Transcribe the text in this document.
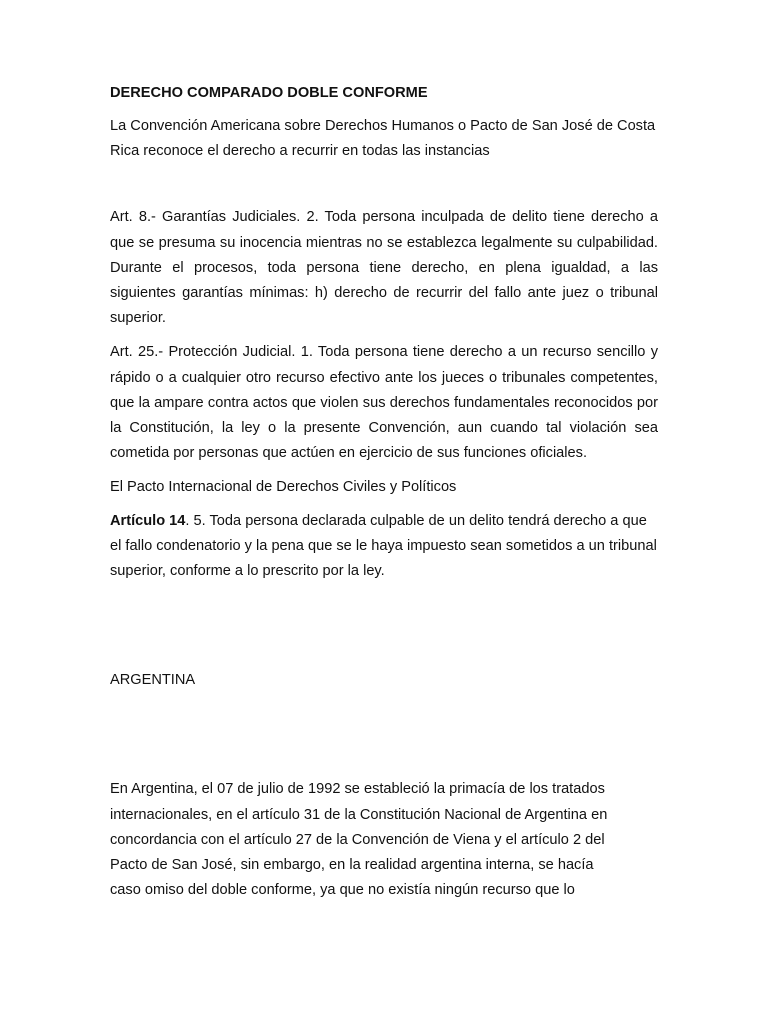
DERECHO COMPARADO DOBLE CONFORME

La Convención Americana sobre Derechos Humanos o Pacto de San José de Costa Rica reconoce el derecho a recurrir en todas las instancias

Art. 8.- Garantías Judiciales. 2. Toda persona inculpada de delito tiene derecho a que se presuma su inocencia mientras no se establezca legalmente su culpabilidad. Durante el procesos, toda persona tiene derecho, en plena igualdad, a las siguientes garantías mínimas: h) derecho de recurrir del fallo ante juez o tribunal superior.

Art. 25.- Protección Judicial. 1. Toda persona tiene derecho a un recurso sencillo y rápido o a cualquier otro recurso efectivo ante los jueces o tribunales competentes, que la ampare contra actos que violen sus derechos fundamentales reconocidos por la Constitución, la ley o la presente Convención, aun cuando tal violación sea cometida por personas que actúen en ejercicio de sus funciones oficiales.

El Pacto Internacional de Derechos Civiles y Políticos

Artículo 14. 5. Toda persona declarada culpable de un delito tendrá derecho a que el fallo condenatorio y la pena que se le haya impuesto sean sometidos a un tribunal superior, conforme a lo prescrito por la ley.

ARGENTINA

En Argentina, el 07 de julio de 1992 se estableció la primacía de los tratados
internacionales, en el artículo 31 de la Constitución Nacional de Argentina en
concordancia con el artículo 27 de la Convención de Viena y el artículo 2 del
Pacto de San José, sin embargo, en la realidad argentina interna, se hacía
caso omiso del doble conforme, ya que no existía ningún recurso que lo
